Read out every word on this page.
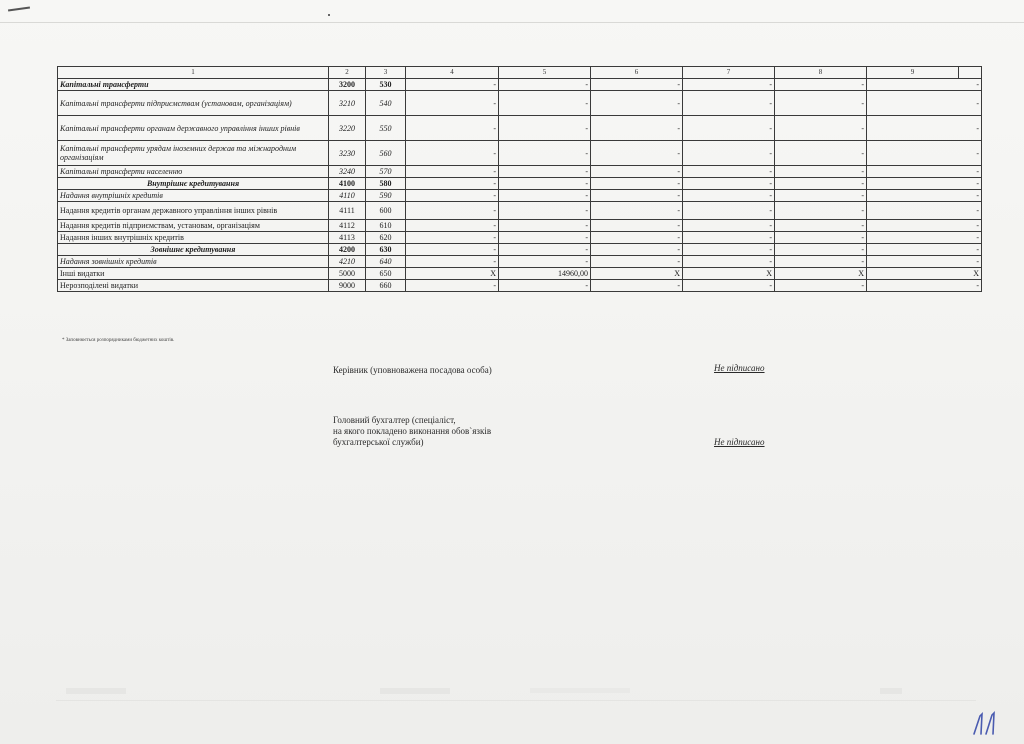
1	2	3	4	5	6	7	8	9	
Капітальні трансферти	3200	530	-	-	-	-	-	-	
Капітальні трансферти підприємствам (установам, організаціям)	3210	540	-	-	-	-	-	-	
Капітальні трансферти органам державного управління інших рівнів	3220	550	-	-	-	-	-	-	
Капітальні трансферти урядам іноземних держав та міжнародним організаціям	3230	560	-	-	-	-	-	-	
Капітальні трансферти населенню	3240	570	-	-	-	-	-	-	
Внутрішнє кредитування	4100	580	-	-	-	-	-	-	
Надання внутрішніх кредитів	4110	590	-	-	-	-	-	-	
Надання кредитів органам державного управління інших рівнів	4111	600	-	-	-	-	-	-	
Надання кредитів підприємствам, установам, організаціям	4112	610	-	-	-	-	-	-	
Надання інших внутрішніх кредитів	4113	620	-	-	-	-	-	-	
Зовнішнє кредитування	4200	630	-	-	-	-	-	-	
Надання зовнішніх кредитів	4210	640	-	-	-	-	-	-	
Інші видатки	5000	650	X	14960,00	X	X	X	X	
Нерозподілені видатки	9000	660	-	-	-	-	-	-	
* Заповнюється розпорядниками бюджетних коштів.
Керівник (уповноважена посадова особа)	Не підписано
Головний бухгалтер (спеціаліст,
на якого покладено виконання обов`язків
бухгалтерської служби)	Не підписано
